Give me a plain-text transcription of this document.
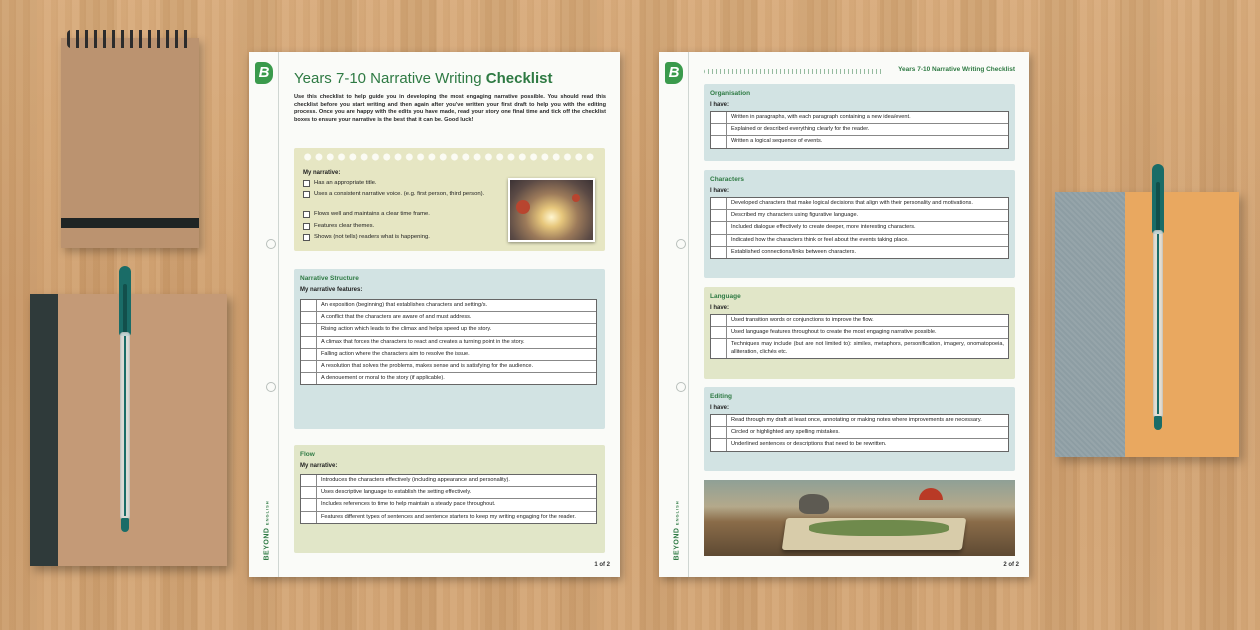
B
BEYOND ENGLISH
Years 7-10 Narrative Writing Checklist
Use this checklist to help guide you in developing the most engaging narrative possible. You should read this checklist before you start writing and then again after you've written your first draft to help you with the editing process. Once you are happy with the edits you have made, read your story one final time and tick off the checklist boxes to ensure your narrative is the best that it can be. Good luck!
My narrative:
Has an appropriate title.
Uses a consistent narrative voice. (e.g. first person, third person).
Flows well and maintains a clear time frame.
Features clear themes.
Shows (not tells) readers what is happening.
Narrative Structure
My narrative features:
An exposition (beginning) that establishes characters and setting/s.
A conflict that the characters are aware of and must address.
Rising action which leads to the climax and helps speed up the story.
A climax that forces the characters to react and creates a turning point in the story.
Falling action where the characters aim to resolve the issue.
A resolution that solves the problems, makes sense and is satisfying for the audience.
A denouement or moral to the story (if applicable).
Flow
My narrative:
Introduces the characters effectively (including appearance and personality).
Uses descriptive language to establish the setting effectively.
Includes references to time to help maintain a steady pace throughout.
Features different types of sentences and sentence starters to keep my writing engaging for the reader.
1 of 2
B
BEYOND ENGLISH
Years 7-10 Narrative Writing Checklist
Organisation
I have:
Written in paragraphs, with each paragraph containing a new idea/event.
Explained or described everything clearly for the reader.
Written a logical sequence of events.
Characters
I have:
Developed characters that make logical decisions that align with their personality and motivations.
Described my characters using figurative language.
Included dialogue effectively to create deeper, more interesting characters.
Indicated how the characters think or feel about the events taking place.
Established connections/links between characters.
Language
I have:
Used transition words or conjunctions to improve the flow.
Used language features throughout to create the most engaging narrative possible.
Techniques may include (but are not limited to): similes, metaphors, personification, imagery, onomatopoeia, alliteration, clichés etc.
Editing
I have:
Read through my draft at least once, annotating or making notes where improvements are necessary.
Circled or highlighted any spelling mistakes.
Underlined sentences or descriptions that need to be rewritten.
2 of 2
